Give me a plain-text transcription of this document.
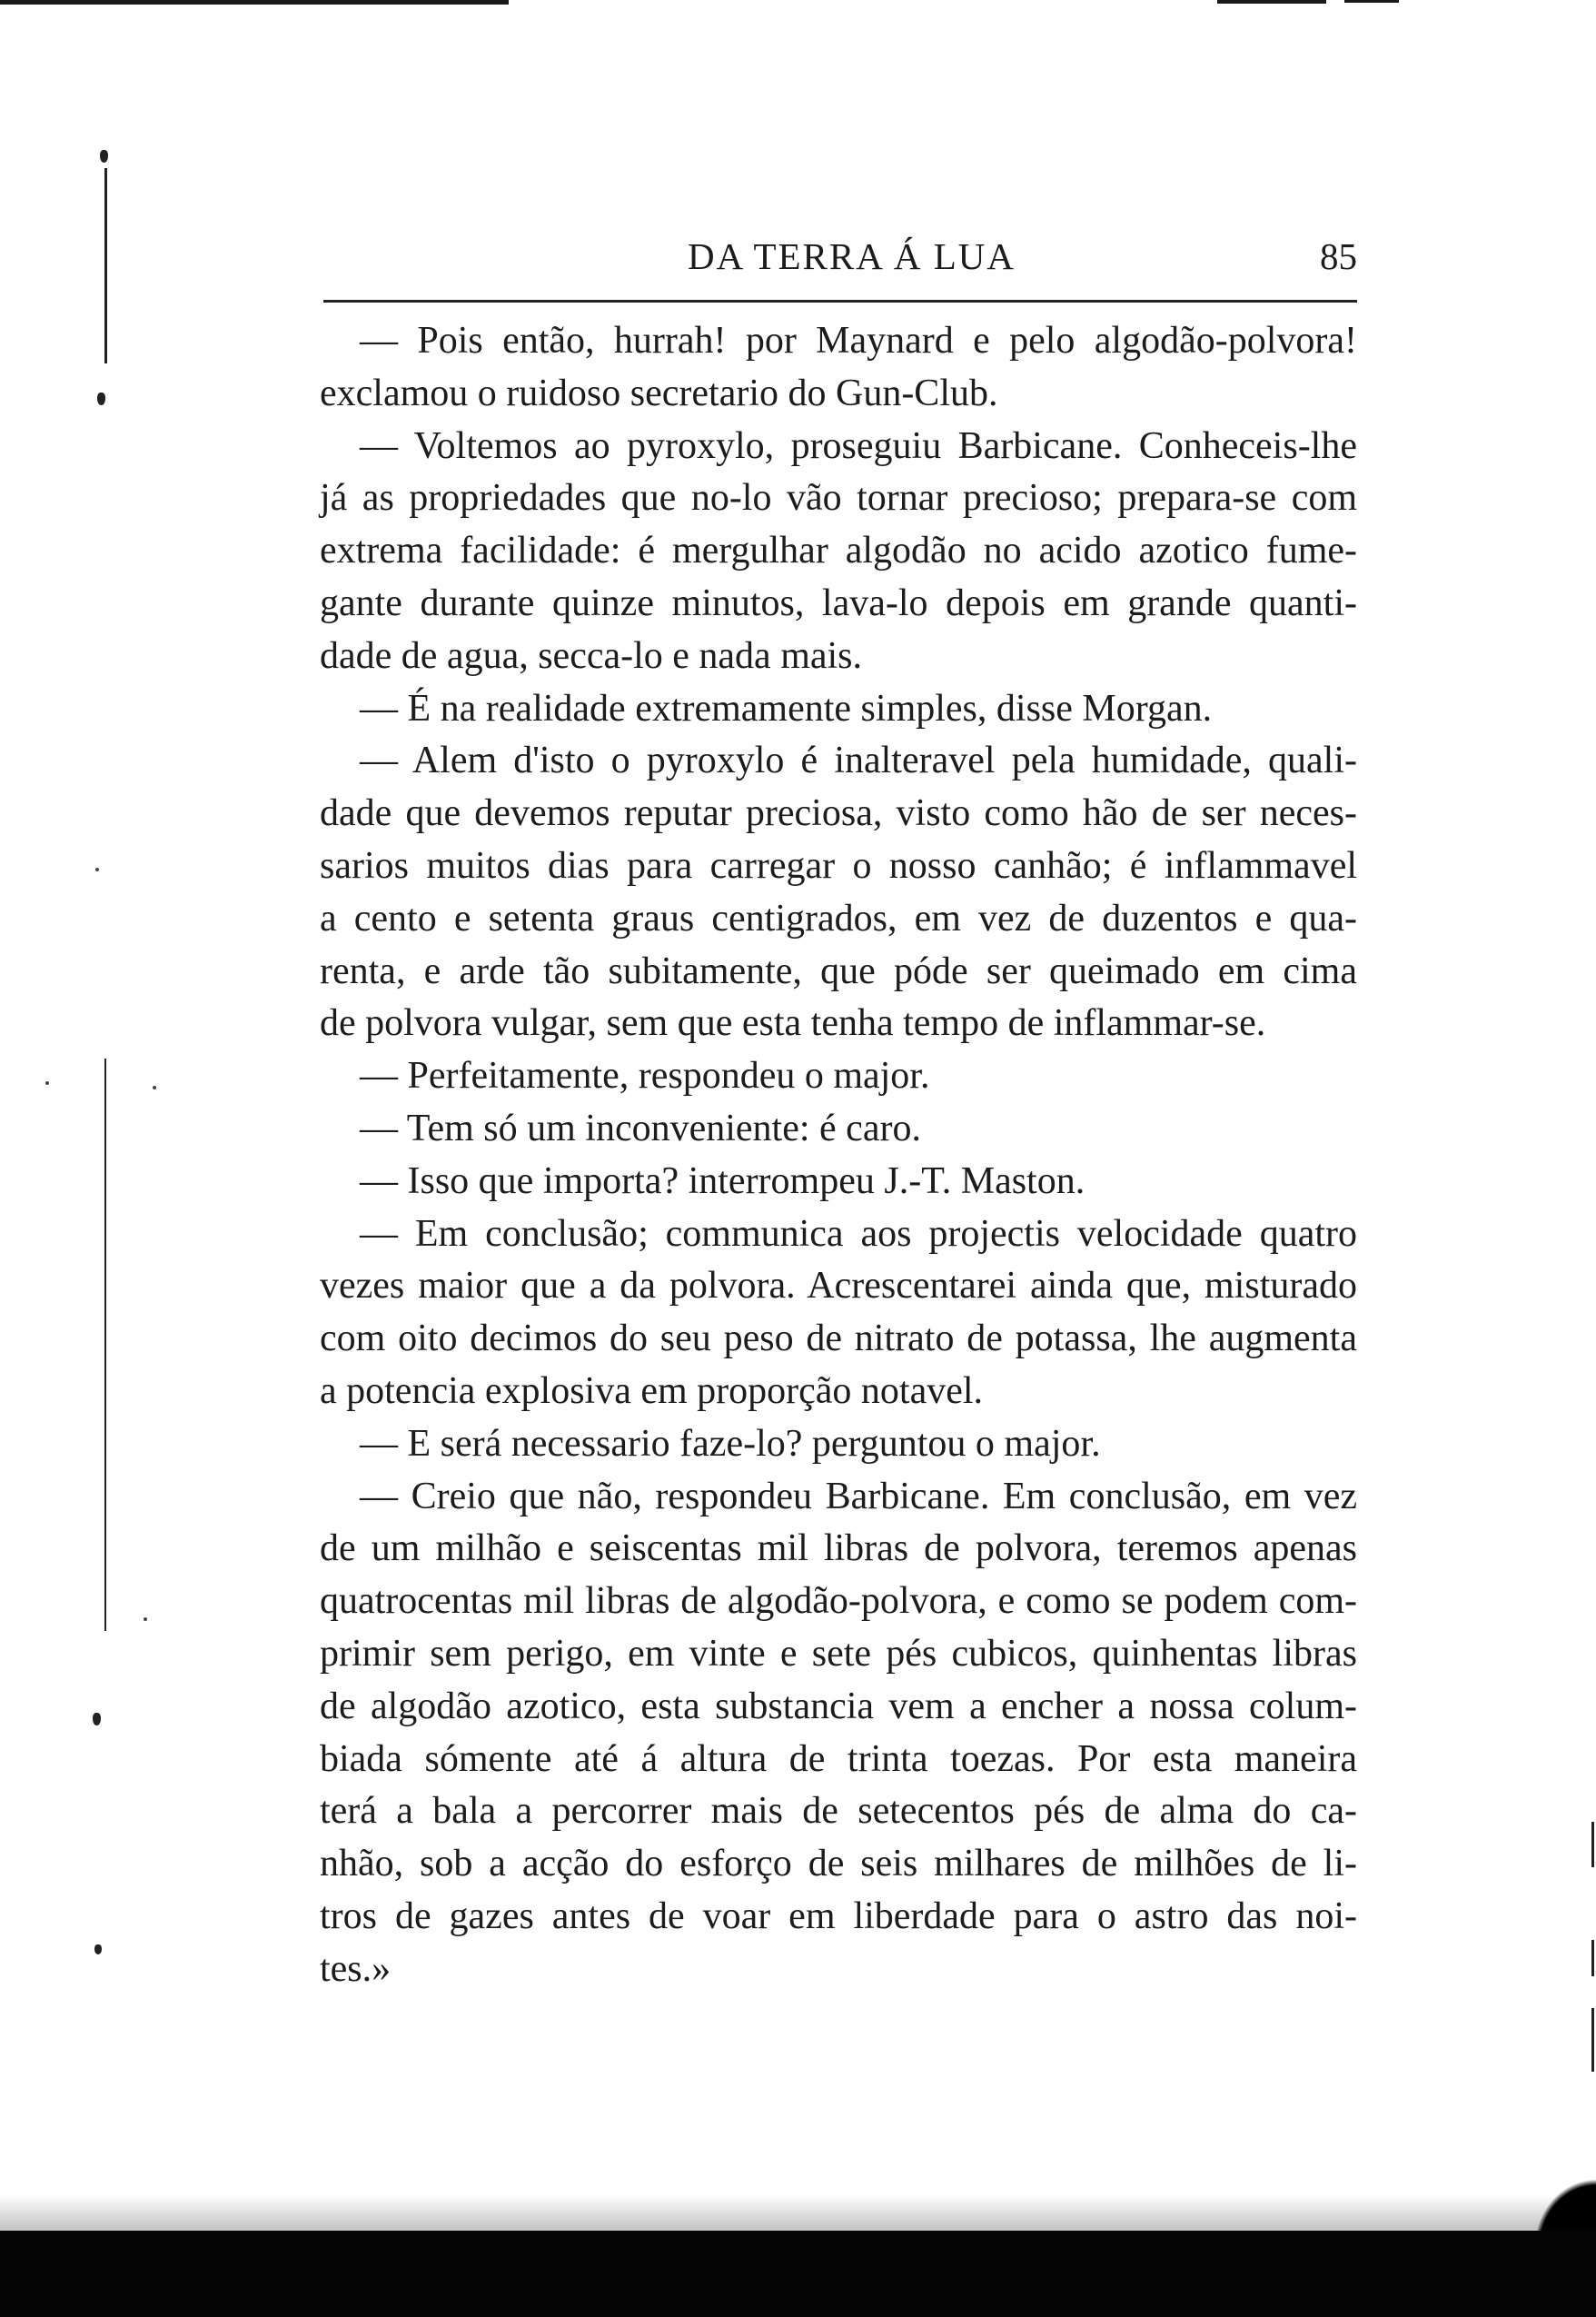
DA TERRA Á LUA	85
— Pois então, hurrah! por Maynard e pelo algodão-polvora!
exclamou o ruidoso secretario do Gun-Club.
— Voltemos ao pyroxylo, proseguiu Barbicane. Conheceis-lhe
já as propriedades que no-lo vão tornar precioso; prepara-se com
extrema facilidade: é mergulhar algodão no acido azotico fume-
gante durante quinze minutos, lava-lo depois em grande quanti-
dade de agua, secca-lo e nada mais.
— É na realidade extremamente simples, disse Morgan.
— Alem d'isto o pyroxylo é inalteravel pela humidade, quali-
dade que devemos reputar preciosa, visto como hão de ser neces-
sarios muitos dias para carregar o nosso canhão; é inflammavel
a cento e setenta graus centigrados, em vez de duzentos e qua-
renta, e arde tão subitamente, que póde ser queimado em cima
de polvora vulgar, sem que esta tenha tempo de inflammar-se.
— Perfeitamente, respondeu o major.
— Tem só um inconveniente: é caro.
— Isso que importa? interrompeu J.-T. Maston.
— Em conclusão; communica aos projectis velocidade quatro
vezes maior que a da polvora. Acrescentarei ainda que, misturado
com oito decimos do seu peso de nitrato de potassa, lhe augmenta
a potencia explosiva em proporção notavel.
— E será necessario faze-lo? perguntou o major.
— Creio que não, respondeu Barbicane. Em conclusão, em vez
de um milhão e seiscentas mil libras de polvora, teremos apenas
quatrocentas mil libras de algodão-polvora, e como se podem com-
primir sem perigo, em vinte e sete pés cubicos, quinhentas libras
de algodão azotico, esta substancia vem a encher a nossa colum-
biada sómente até á altura de trinta toezas. Por esta maneira
terá a bala a percorrer mais de setecentos pés de alma do ca-
nhão, sob a acção do esforço de seis milhares de milhões de li-
tros de gazes antes de voar em liberdade para o astro das noi-
tes.»
